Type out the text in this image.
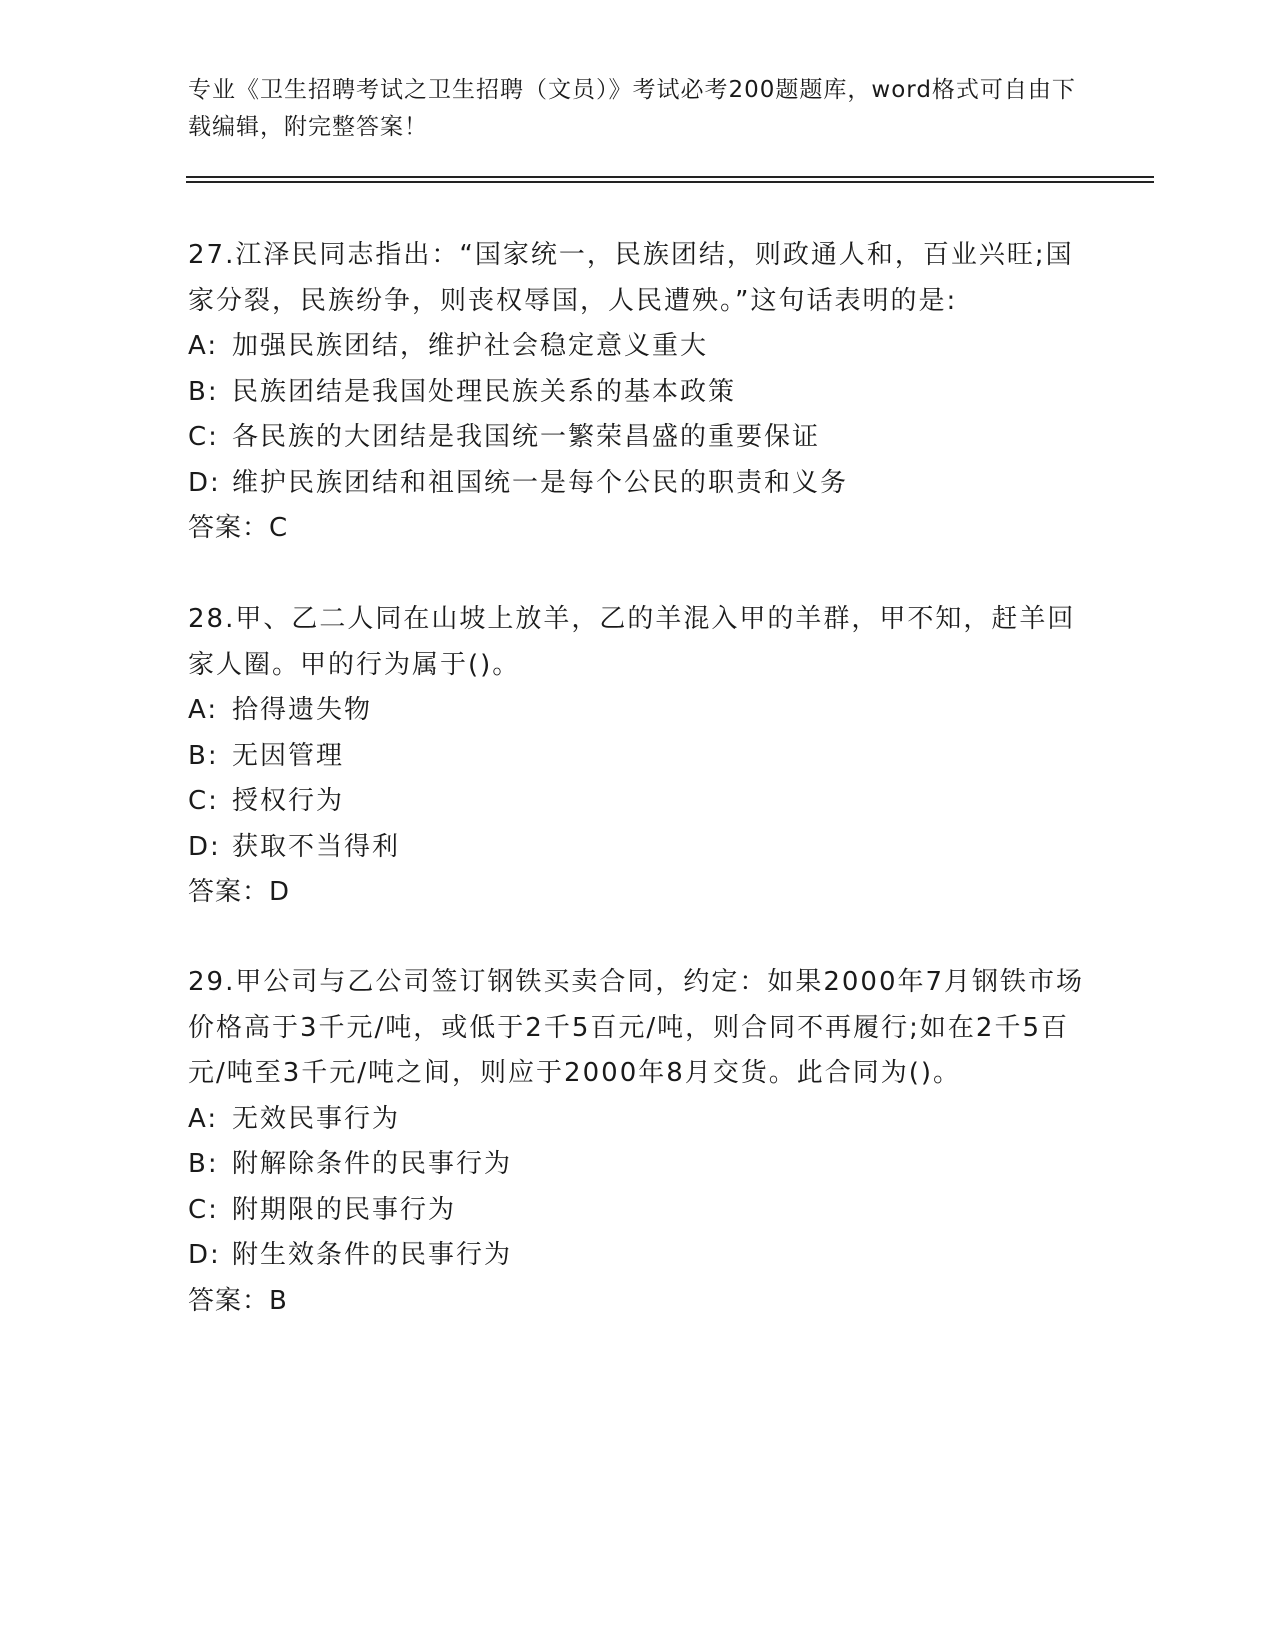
专业《卫生招聘考试之卫生招聘（文员）》考试必考200题题库，word格式可自由下载编辑，附完整答案！
27.江泽民同志指出：“国家统一，民族团结，则政通人和，百业兴旺;国家分裂，民族纷争，则丧权辱国，人民遭殃。”这句话表明的是:
A: 加强民族团结，维护社会稳定意义重大
B: 民族团结是我国处理民族关系的基本政策
C: 各民族的大团结是我国统一繁荣昌盛的重要保证
D: 维护民族团结和祖国统一是每个公民的职责和义务
答案：C
28.甲、乙二人同在山坡上放羊，乙的羊混入甲的羊群，甲不知，赶羊回家人圈。甲的行为属于()。
A: 拾得遗失物
B: 无因管理
C: 授权行为
D: 获取不当得利
答案：D
29.甲公司与乙公司签订钢铁买卖合同，约定：如果2000年7月钢铁市场价格高于3千元/吨，或低于2千5百元/吨，则合同不再履行;如在2千5百元/吨至3千元/吨之间，则应于2000年8月交货。此合同为()。
A: 无效民事行为
B: 附解除条件的民事行为
C: 附期限的民事行为
D: 附生效条件的民事行为
答案：B
